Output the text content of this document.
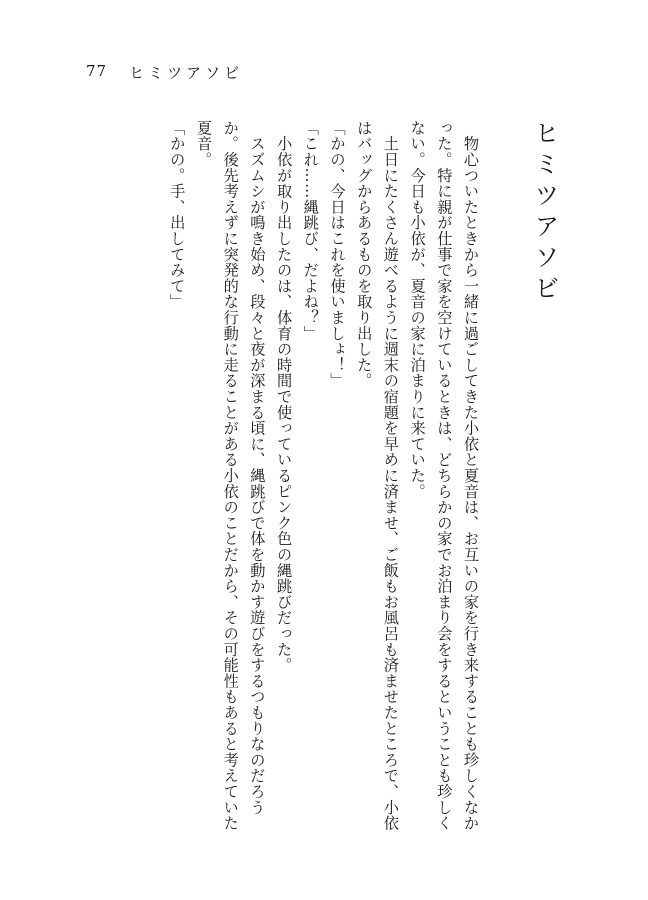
77 ヒミツアソビ
ヒミツアソビ

　物心ついたときから一緒に過ごしてきた小依と夏音は、お互いの家を行き来することも珍しくなかった。特に親が仕事で家を空けているときは、どちらかの家でお泊まり会をするということも珍しくない。今日も小依が、夏音の家に泊まりに来ていた。

　土日にたくさん遊べるように週末の宿題を早めに済ませ、ご飯もお風呂も済ませたところで、小依はバッグからあるものを取り出した。

「かの、今日はこれを使いましょ！」

「これ……縄跳び、だよね？」

　小依が取り出したのは、体育の時間で使っているピンク色の縄跳びだった。

　スズムシが鳴き始め、段々と夜が深まる頃に、縄跳びで体を動かす遊びをするつもりなのだろうか。後先考えずに突発的な行動に走ることがある小依のことだから、その可能性もあると考えていた夏音。

「かの。手、出してみて」
